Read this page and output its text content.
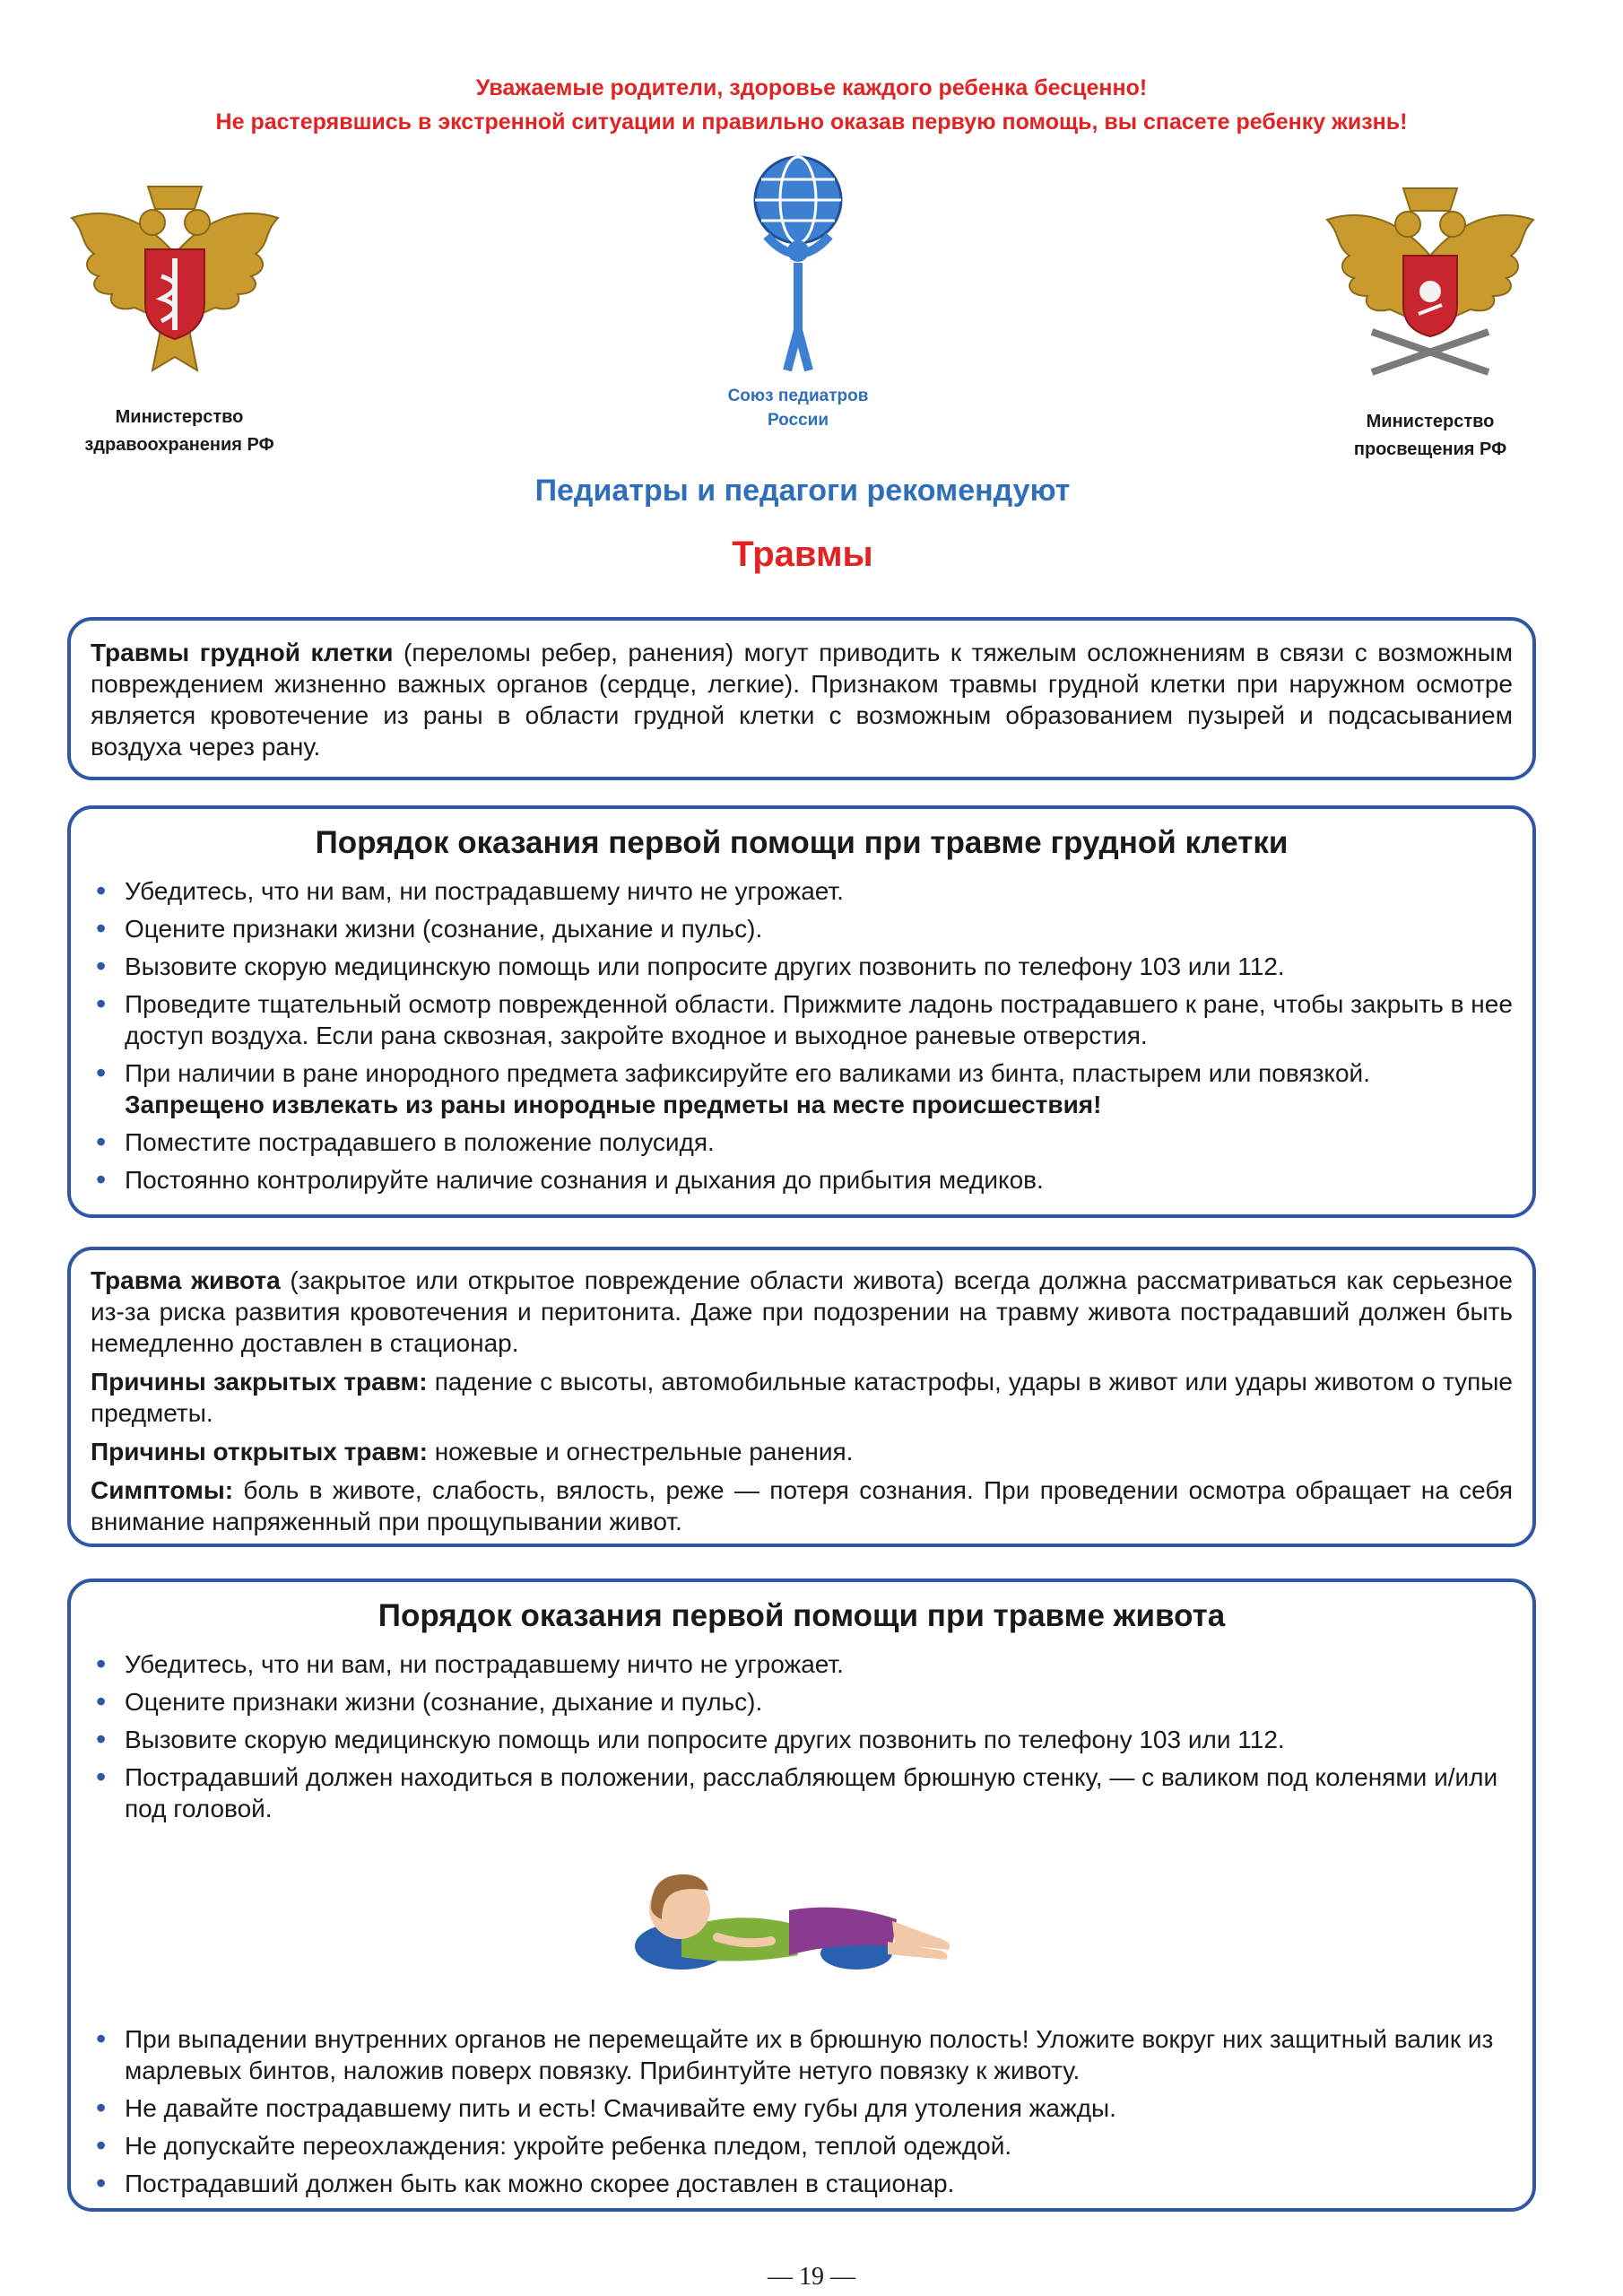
Уважаемые родители, здоровье каждого ребенка бесценно!
Не растерявшись в экстренной ситуации и правильно оказав первую помощь, вы спасете ребенку жизнь!
Министерство здравоохранения РФ
Союз педиатров России	Министерство просвещения РФ
Педиатры и педагоги рекомендуют
Травмы

Травмы грудной клетки (переломы ребер, ранения) могут приводить к тяжелым осложнениям в связи с возможным повреждением жизненно важных органов (сердце, легкие). Признаком травмы грудной клетки при наружном осмотре является кровотечение из раны в области грудной клетки с возможным образованием пузырей и подсасыванием воздуха через рану.

Порядок оказания первой помощи при травме грудной клетки
• Убедитесь, что ни вам, ни пострадавшему ничто не угрожает.
• Оцените признаки жизни (сознание, дыхание и пульс).
• Вызовите скорую медицинскую помощь или попросите других позвонить по телефону 103 или 112.
• Проведите тщательный осмотр поврежденной области. Прижмите ладонь пострадавшего к ране, чтобы закрыть в нее доступ воздуха. Если рана сквозная, закройте входное и выходное раневые отверстия.
• При наличии в ране инородного предмета зафиксируйте его валиками из бинта, пластырем или повязкой.
Запрещено извлекать из раны инородные предметы на месте происшествия!
• Поместите пострадавшего в положение полусидя.
• Постоянно контролируйте наличие сознания и дыхания до прибытия медиков.

Травма живота (закрытое или открытое повреждение области живота) всегда должна рассматриваться как серьезное из-за риска развития кровотечения и перитонита. Даже при подозрении на травму живота пострадавший должен быть немедленно доставлен в стационар.

Причины закрытых травм: падение с высоты, автомобильные катастрофы, удары в живот или удары животом о тупые предметы.

Причины открытых травм: ножевые и огнестрельные ранения.

Симптомы: боль в животе, слабость, вялость, реже — потеря сознания. При проведении осмотра обращает на себя внимание напряженный при прощупывании живот.

Порядок оказания первой помощи при травме живота
• Убедитесь, что ни вам, ни пострадавшему ничто не угрожает.
• Оцените признаки жизни (сознание, дыхание и пульс).
• Вызовите скорую медицинскую помощь или попросите других позвонить по телефону 103 или 112.
• Пострадавший должен находиться в положении, расслабляющем брюшную стенку, — с валиком под коленями и/или под головой.
• При выпадении внутренних органов не перемещайте их в брюшную полость! Уложите вокруг них защитный валик из марлевых бинтов, наложив поверх повязку. Прибинтуйте нетуго повязку к животу.
• Не давайте пострадавшему пить и есть! Смачивайте ему губы для утоления жажды.
• Не допускайте переохлаждения: укройте ребенка пледом, теплой одеждой.
• Пострадавший должен быть как можно скорее доставлен в стационар.
— 19 —
